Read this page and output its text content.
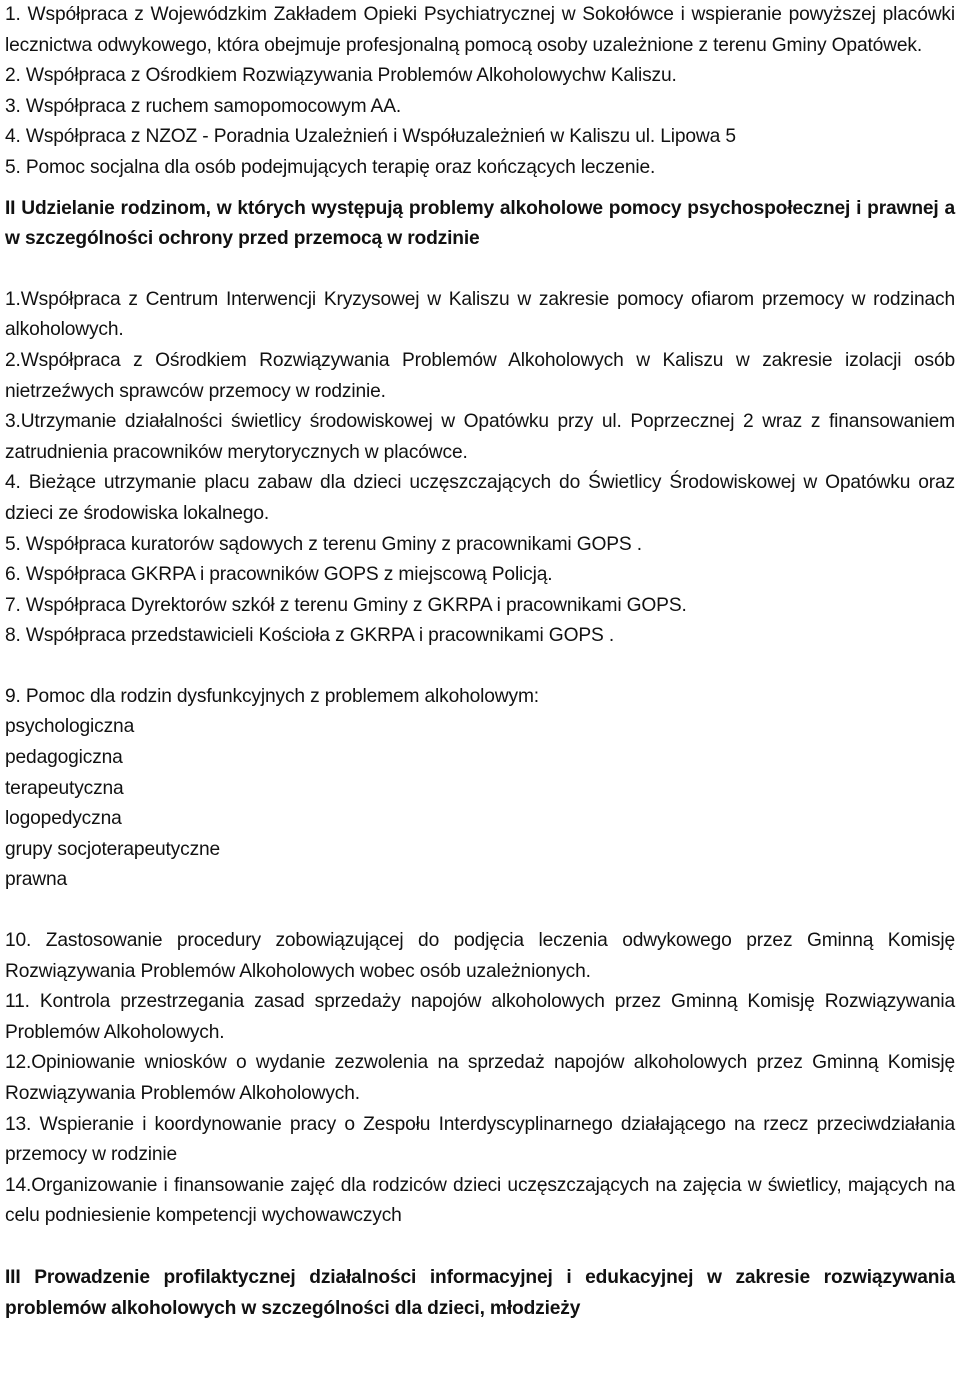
1. Współpraca z Wojewódzkim Zakładem Opieki Psychiatrycznej w Sokołówce i wspieranie powyższej placówki lecznictwa odwykowego, która obejmuje profesjonalną pomocą osoby uzależnione z terenu Gminy Opatówek.

2. Współpraca z Ośrodkiem Rozwiązywania Problemów Alkoholowychw Kaliszu.

3. Współpraca z ruchem samopomocowym AA.

4. Współpraca z NZOZ - Poradnia Uzależnień i Współuzależnień w Kaliszu ul. Lipowa 5

5. Pomoc socjalna dla osób podejmujących terapię oraz kończących leczenie.

II Udzielanie rodzinom, w których występują problemy alkoholowe pomocy psychospołecznej i prawnej a w szczególności ochrony przed przemocą w rodzinie

1.Współpraca z Centrum Interwencji Kryzysowej w Kaliszu w zakresie pomocy ofiarom przemocy w rodzinach alkoholowych.

2.Współpraca z Ośrodkiem Rozwiązywania Problemów Alkoholowych w Kaliszu w zakresie izolacji osób nietrzeźwych sprawców przemocy w rodzinie.

3.Utrzymanie działalności świetlicy środowiskowej w Opatówku przy ul. Poprzecznej 2 wraz z finansowaniem zatrudnienia pracowników merytorycznych w placówce.

4. Bieżące utrzymanie placu zabaw dla dzieci uczęszczających do Świetlicy Środowiskowej w Opatówku oraz dzieci ze środowiska lokalnego.

5. Współpraca kuratorów sądowych z terenu Gminy z pracownikami GOPS .

6. Współpraca GKRPA i pracowników GOPS z miejscową Policją.

7. Współpraca Dyrektorów szkół z terenu Gminy z GKRPA i pracownikami GOPS.

8. Współpraca przedstawicieli Kościoła z GKRPA i pracownikami GOPS .

9. Pomoc dla rodzin dysfunkcyjnych z problemem alkoholowym:

psychologiczna

pedagogiczna

terapeutyczna

logopedyczna

grupy socjoterapeutyczne

prawna

10. Zastosowanie procedury zobowiązującej do podjęcia leczenia odwykowego przez Gminną Komisję Rozwiązywania Problemów Alkoholowych wobec osób uzależnionych.

11. Kontrola przestrzegania zasad sprzedaży napojów alkoholowych przez Gminną Komisję Rozwiązywania Problemów Alkoholowych.

12.Opiniowanie wniosków o wydanie zezwolenia na sprzedaż napojów alkoholowych przez Gminną Komisję Rozwiązywania Problemów Alkoholowych.

13. Wspieranie i koordynowanie pracy o Zespołu Interdyscyplinarnego działającego na rzecz przeciwdziałania przemocy w rodzinie

14.Organizowanie i finansowanie zajęć dla rodziców dzieci uczęszczających na zajęcia w świetlicy, mających na celu podniesienie kompetencji wychowawczych

III Prowadzenie profilaktycznej działalności informacyjnej i edukacyjnej w zakresie rozwiązywania problemów alkoholowych w szczególności dla dzieci, młodzieży
